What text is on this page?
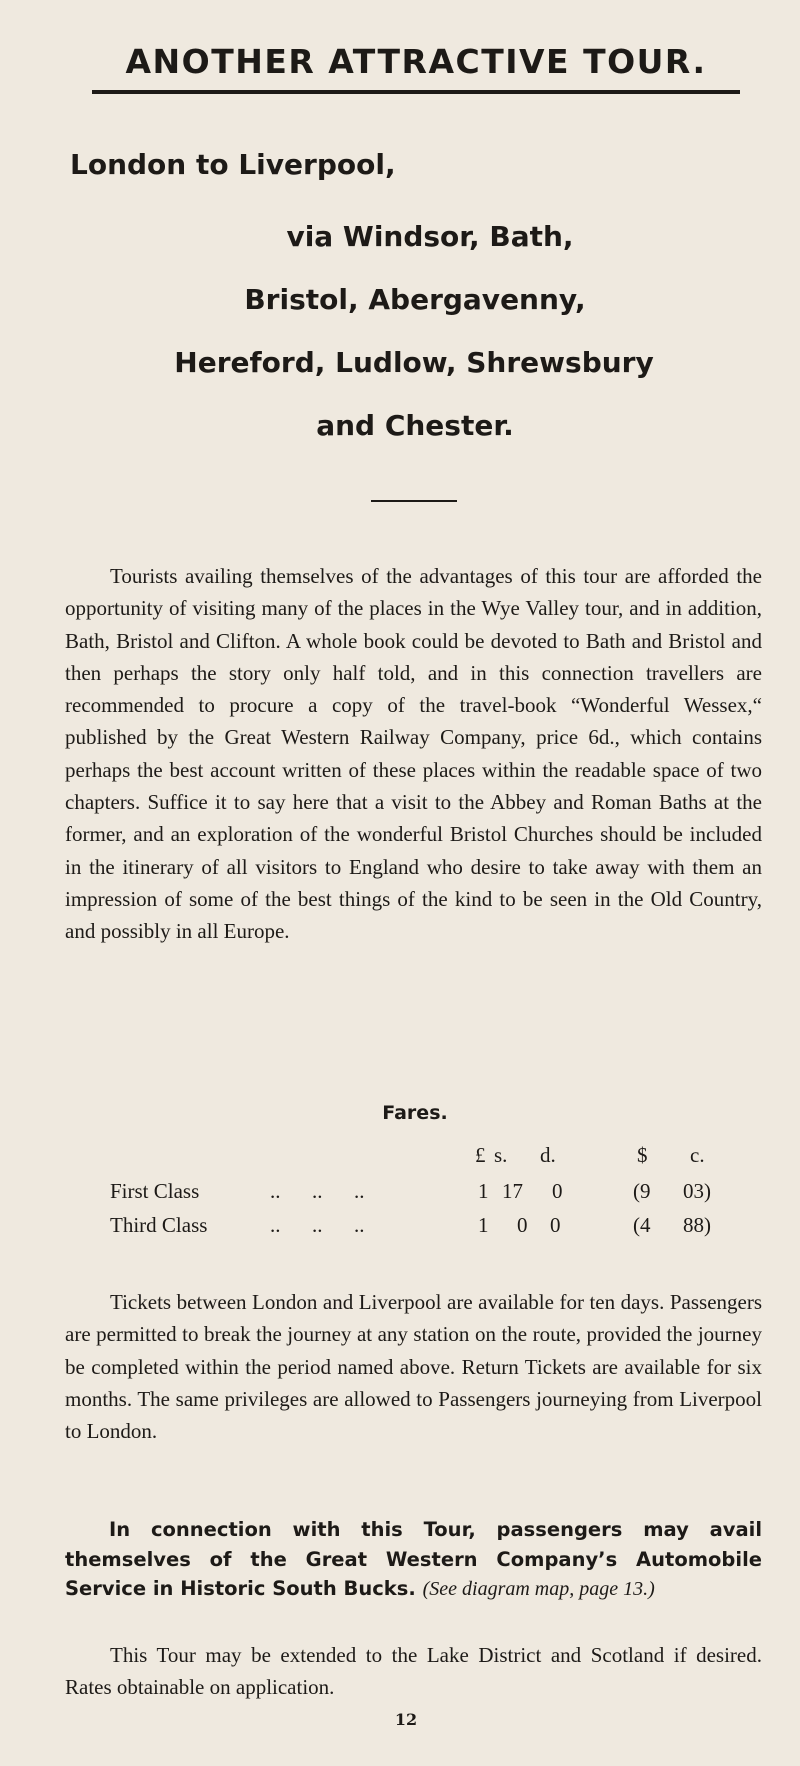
ANOTHER ATTRACTIVE TOUR.
London to Liverpool,
via Windsor, Bath,
Bristol, Abergavenny,
Hereford, Ludlow, Shrewsbury
and Chester.

Tourists availing themselves of the advantages of this tour are afforded the opportunity of visiting many of the places in the Wye Valley tour, and in addition, Bath, Bristol and Clifton. A whole book could be devoted to Bath and Bristol and then perhaps the story only half told, and in this connection travellers are recommended to procure a copy of the travel-book “Wonderful Wessex,“ published by the Great Western Railway Company, price 6d., which contains perhaps the best account written of these places within the readable space of two chapters. Suffice it to say here that a visit to the Abbey and Roman Baths at the former, and an exploration of the wonderful Bristol Churches should be included in the itinerary of all visitors to England who desire to take away with them an impression of some of the best things of the kind to be seen in the Old Country, and possibly in all Europe.

Fares.
£ s. d.	$ c.
First Class	..      ..      ..	1 17 0	(9 03)
Third Class	..      ..      ..	1 0 0	(4 88)

Tickets between London and Liverpool are available for ten days. Passengers are permitted to break the journey at any station on the route, provided the journey be completed within the period named above. Return Tickets are available for six months. The same privileges are allowed to Passengers journeying from Liverpool to London.

In connection with this Tour, passengers may avail themselves of the Great Western Company’s Automobile Service in Historic South Bucks. (See diagram map, page 13.)

This Tour may be extended to the Lake District and Scotland if desired. Rates obtainable on application.

12
